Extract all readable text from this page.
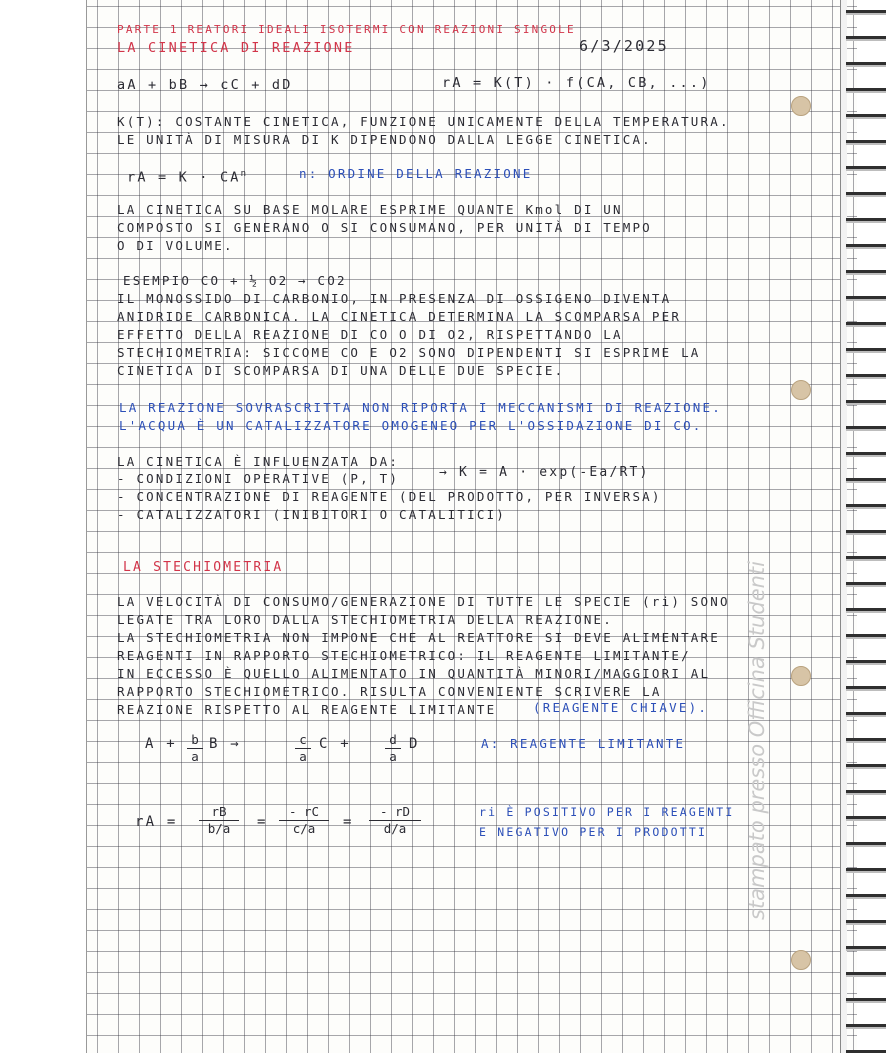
PARTE 1 REATORI IDEALI ISOTERMI CON REAZIONI SINGOLE
LA CINETICA DI REAZIONE	6/3/2025
aA + bB → cC + dD	rA = K(T) · f(CA, CB, ...)
K(T): COSTANTE CINETICA, FUNZIONE UNICAMENTE DELLA TEMPERATURA.
LE UNITÀ DI MISURA DI K DIPENDONO DALLA LEGGE CINETICA.
rA = $K \cdot CA^n$	n: ORDINE DELLA REAZIONE
LA CINETICA SU BASE MOLARE ESPRIME QUANTE Kmol DI UN
COMPOSTO SI GENERANO O SI CONSUMANO, PER UNITÀ DI TEMPO
O DI VOLUME.
ESEMPIO CO + ½ O2 → CO2
IL MONOSSIDO DI CARBONIO, IN PRESENZA DI OSSIGENO DIVENTA
ANIDRIDE CARBONICA. LA CINETICA DETERMINA LA SCOMPARSA PER
EFFETTO DELLA REAZIONE DI CO O DI O2, RISPETTANDO LA
STECHIOMETRIA: SICCOME CO E O2 SONO DIPENDENTI SI ESPRIME LA
CINETICA DI SCOMPARSA DI UNA DELLE DUE SPECIE.
LA REAZIONE SOVRASCRITTA NON RIPORTA I MECCANISMI DI REAZIONE.
L'ACQUA È UN CATALIZZATORE OMOGENEO PER L'OSSIDAZIONE DI CO.
LA CINETICA È INFLUENZATA DA:
- CONDIZIONI OPERATIVE (P, T)	→ K = A · exp(-Ea/RT)
- CONCENTRAZIONE DI REAGENTE (DEL PRODOTTO, PER INVERSA)
- CATALIZZATORI (INIBITORI O CATALITICI)
LA STECHIOMETRIA
LA VELOCITÀ DI CONSUMO/GENERAZIONE DI TUTTE LE SPECIE (ri) SONO
LEGATE TRA LORO DALLA STECHIOMETRIA DELLA REAZIONE.
LA STECHIOMETRIA NON IMPONE CHE AL REATTORE SI DEVE ALIMENTARE
REAGENTI IN RAPPORTO STECHIOMETRICO: IL REAGENTE LIMITANTE/
IN ECCESSO È QUELLO ALIMENTATO IN QUANTITÀ MINORI/MAGGIORI AL
RAPPORTO STECHIOMETRICO. RISULTA CONVENIENTE SCRIVERE LA
REAZIONE RISPETTO AL REAGENTE LIMITANTE	(REAGENTE CHIAVE).
$A + \frac{b}{a}$ B →	$\frac{c}{a}$ C +	$\frac{d}{a}$ D	A: REAGENTE LIMITANTE
rA = $\frac{rB}{b/a} = \frac{- rC}{c/a} = \frac{- rD}{d/a}$	ri È POSITIVO PER I REAGENTI
E NEGATIVO PER I PRODOTTI stampato presso Officina Studenti
